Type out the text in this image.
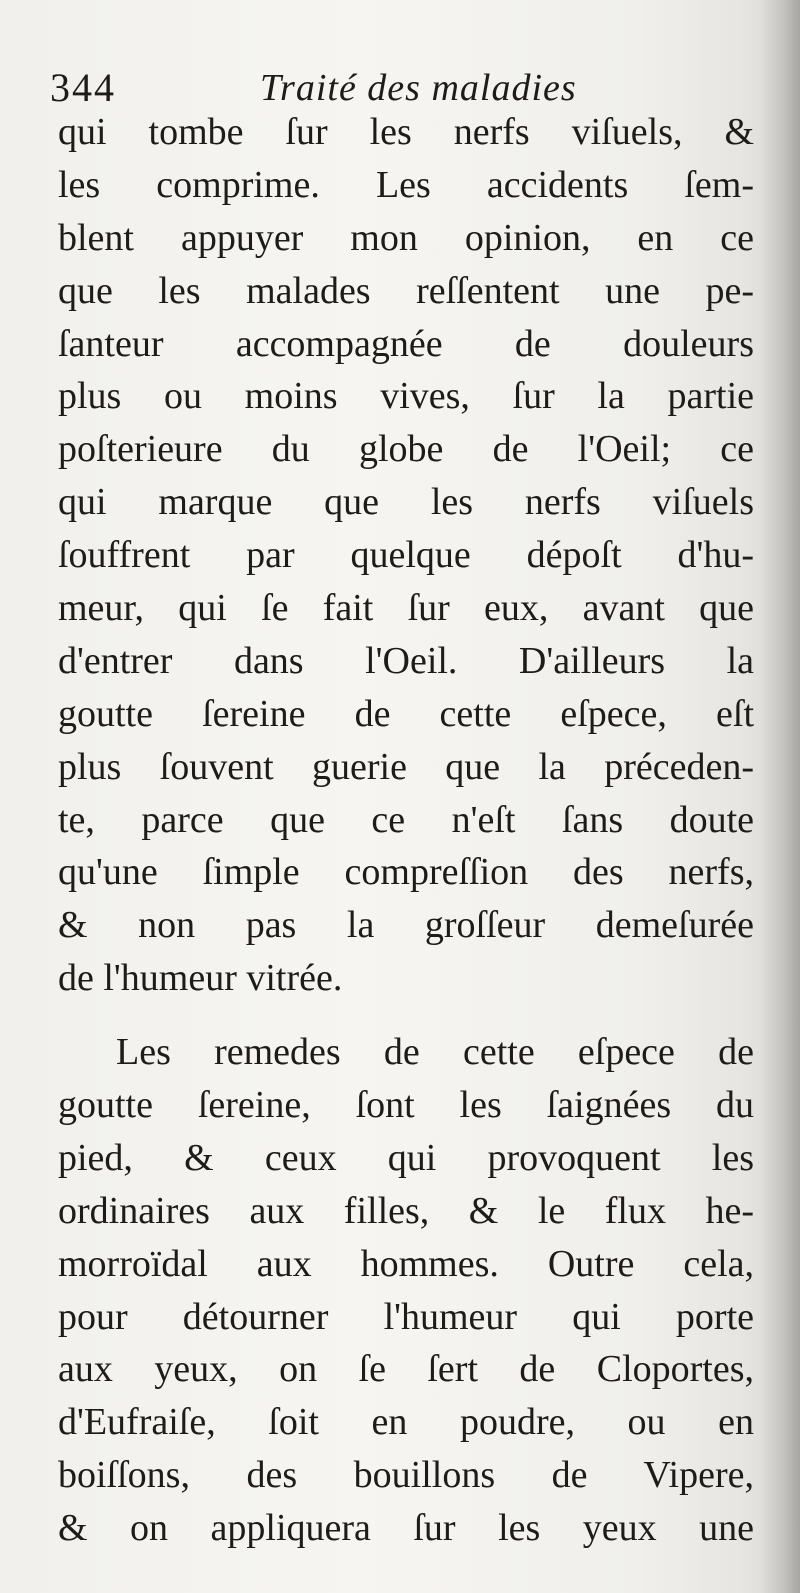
344	Traité des maladies
qui tombe ſur les nerfs viſuels, &
les comprime. Les accidents ſem-
blent appuyer mon opinion, en ce
que les malades reſſentent une pe-
ſanteur accompagnée de douleurs
plus ou moins vives, ſur la partie
poſterieure du globe de l'Oeil; ce
qui marque que les nerfs viſuels
ſouffrent par quelque dépoſt d'hu-
meur, qui ſe fait ſur eux, avant que
d'entrer dans l'Oeil. D'ailleurs la
goutte ſereine de cette eſpece, eſt
plus ſouvent guerie que la préceden-
te, parce que ce n'eſt ſans doute
qu'une ſimple compreſſion des nerfs,
& non pas la groſſeur demeſurée
de l'humeur vitrée.
Les remedes de cette eſpece de
goutte ſereine, ſont les ſaignées du
pied, & ceux qui provoquent les
ordinaires aux filles, & le flux he-
morroïdal aux hommes. Outre cela,
pour détourner l'humeur qui porte
aux yeux, on ſe ſert de Cloportes,
d'Eufraiſe, ſoit en poudre, ou en
boiſſons, des bouillons de Vipere,
& on appliquera ſur les yeux une
